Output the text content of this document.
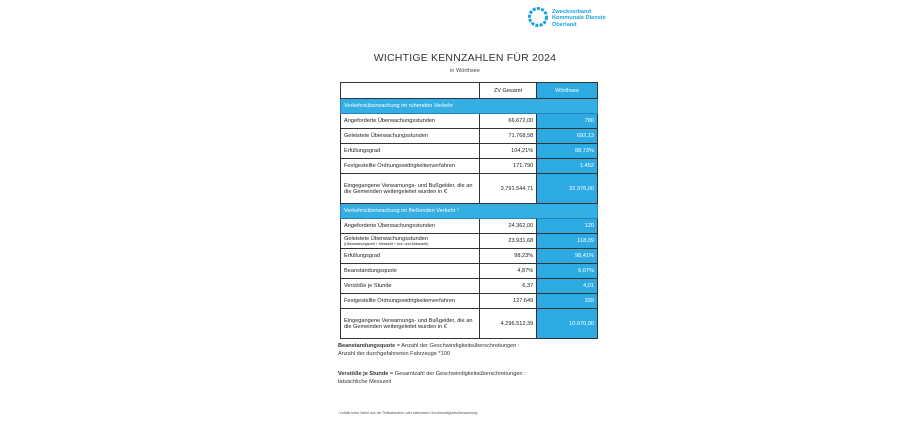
Zweckverband
Kommunale Dienste
Oberland
WICHTIGE KENNZAHLEN FÜR 2024
in Wörthsee
	ZV Gesamt	Wörthsee
Verkehrsüberwachung im ruhenden Verkehr		
Angeforderte Überwachungsstunden	66.672,00	780
Geleistete Überwachungsstunden	71.768,58	692,13
Erfüllungsgrad	104,21%	88,73%
Festgestellte Ordnungswidrigkeitenverfahren	171.790	1.452
Eingegangene Verwarnungs- und Bußgelder, die an die Gemeinden weitergeleitet wurden in €	3.791.544,71	32.376,00
Verkehrsüberwachung im fließenden Verkehr ¹		
Angeforderte Überwachungsstunden	24.362,00	120
Geleistete Überwachungsstunden
(Überwachungszeit + Messzeit + Auf- und Abbauzeit)	23.931,68	118,09
Erfüllungsgrad	98,23%	98,41%
Beanstandungsquote	4,87%	6,07%
Verstöße je Stunde	6,37	4,01
Festgestellte Ordnungswidrigkeitenverfahren	127.649	339
Eingegangene Verwarnungs- und Bußgelder, die an die Gemeinden weitergeleitet wurden in €	4.296.512,39	10.070,00
Beanstandungsquote = Anzahl der Geschwindigkeitsüberschreitungen :
Anzahl der durchgefahrenen Fahrzeuge *100
Verstöße je Stunde = Gesamtzahl der Geschwindigkeitsüberschreitungen :
tatsächliche Messzeit
¹ enthält keine Werte aus der Teilstationären oder stationären Geschwindigkeitsüberwachung
